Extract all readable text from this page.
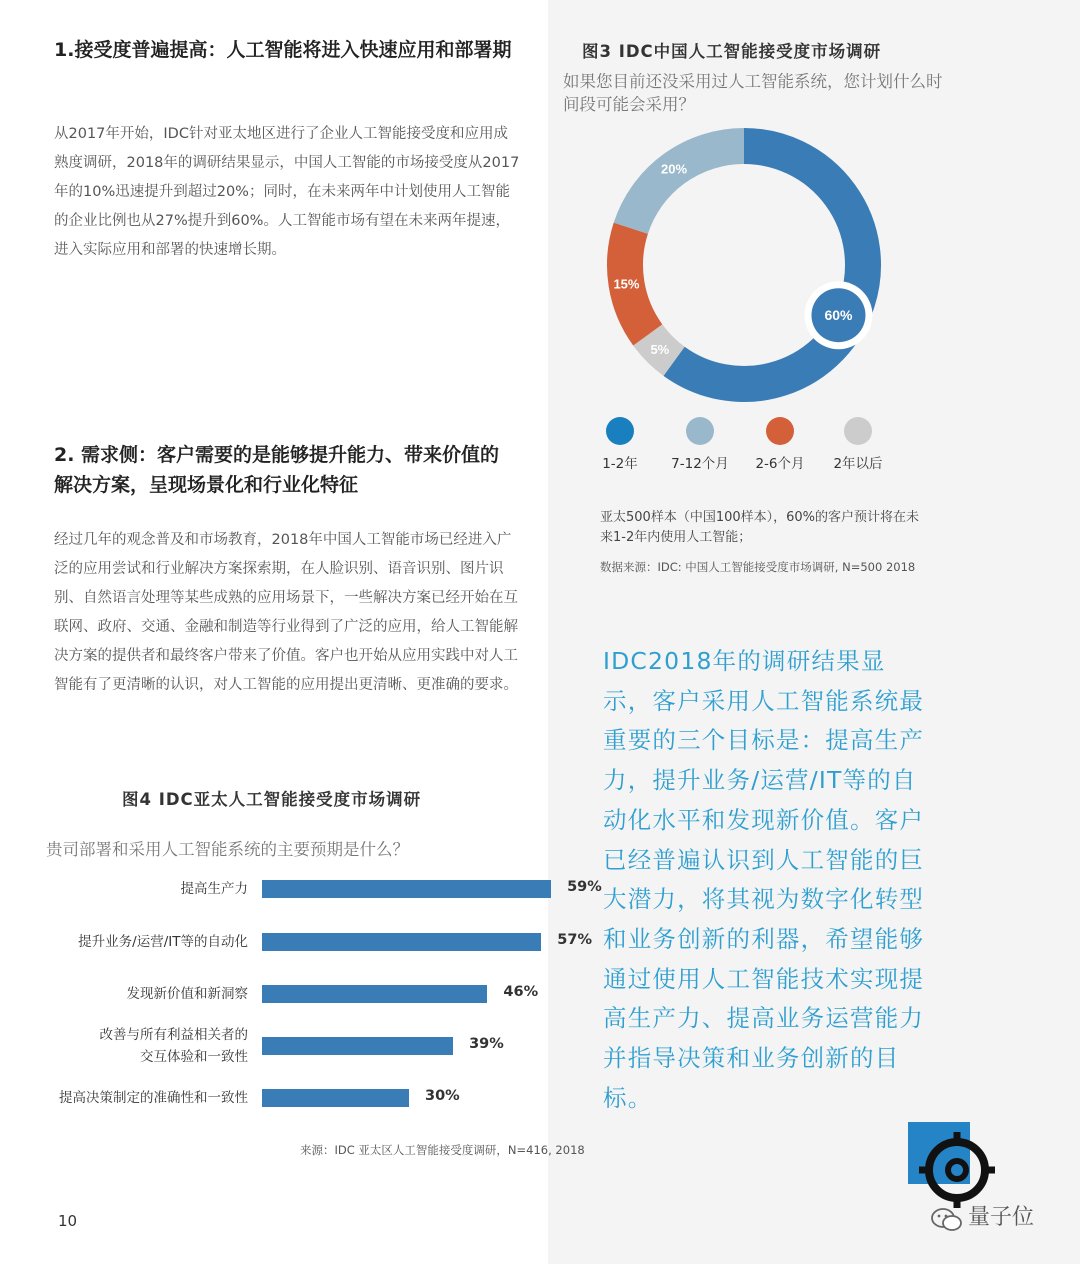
1.接受度普遍提高：人工智能将进入快速应用和部署期
从2017年开始，IDC针对亚太地区进行了企业人工智能接受度和应用成熟度调研，2018年的调研结果显示，中国人工智能的市场接受度从2017年的10%迅速提升到超过20%；同时，在未来两年中计划使用人工智能的企业比例也从27%提升到60%。人工智能市场有望在未来两年提速，进入实际应用和部署的快速增长期。
2. 需求侧：客户需要的是能够提升能力、带来价值的
解决方案，呈现场景化和行业化特征
经过几年的观念普及和市场教育，2018年中国人工智能市场已经进入广泛的应用尝试和行业解决方案探索期，在人脸识别、语音识别、图片识别、自然语言处理等某些成熟的应用场景下，一些解决方案已经开始在互联网、政府、交通、金融和制造等行业得到了广泛的应用，给人工智能解决方案的提供者和最终客户带来了价值。客户也开始从应用实践中对人工智能有了更清晰的认识，对人工智能的应用提出更清晰、更准确的要求。
图3 IDC中国人工智能接受度市场调研
如果您目前还没采用过人工智能系统，您计划什么时间段可能会采用？
60%
5%
15%
20%
1-2年	7-12个月	2-6个月	2年以后
亚太500样本（中国100样本），60%的客户预计将在未来1-2年内使用人工智能；
数据来源：IDC: 中国人工智能接受度市场调研, N=500 2018
IDC2018年的调研结果显示，客户采用人工智能系统最重要的三个目标是：提高生产力，提升业务/运营/IT等的自动化水平和发现新价值。客户已经普遍认识到人工智能的巨大潜力，将其视为数字化转型和业务创新的利器，希望能够通过使用人工智能技术实现提高生产力、提高业务运营能力并指导决策和业务创新的目标。
图4 IDC亚太人工智能接受度市场调研
贵司部署和采用人工智能系统的主要预期是什么？
提高生产力	59%
提升业务/运营/IT等的自动化	57%
发现新价值和新洞察	46%
改善与所有利益相关者的
交互体验和一致性
39%
提高决策制定的准确性和一致性	30%
来源：IDC 亚太区人工智能接受度调研，N=416, 2018
10	量子位
